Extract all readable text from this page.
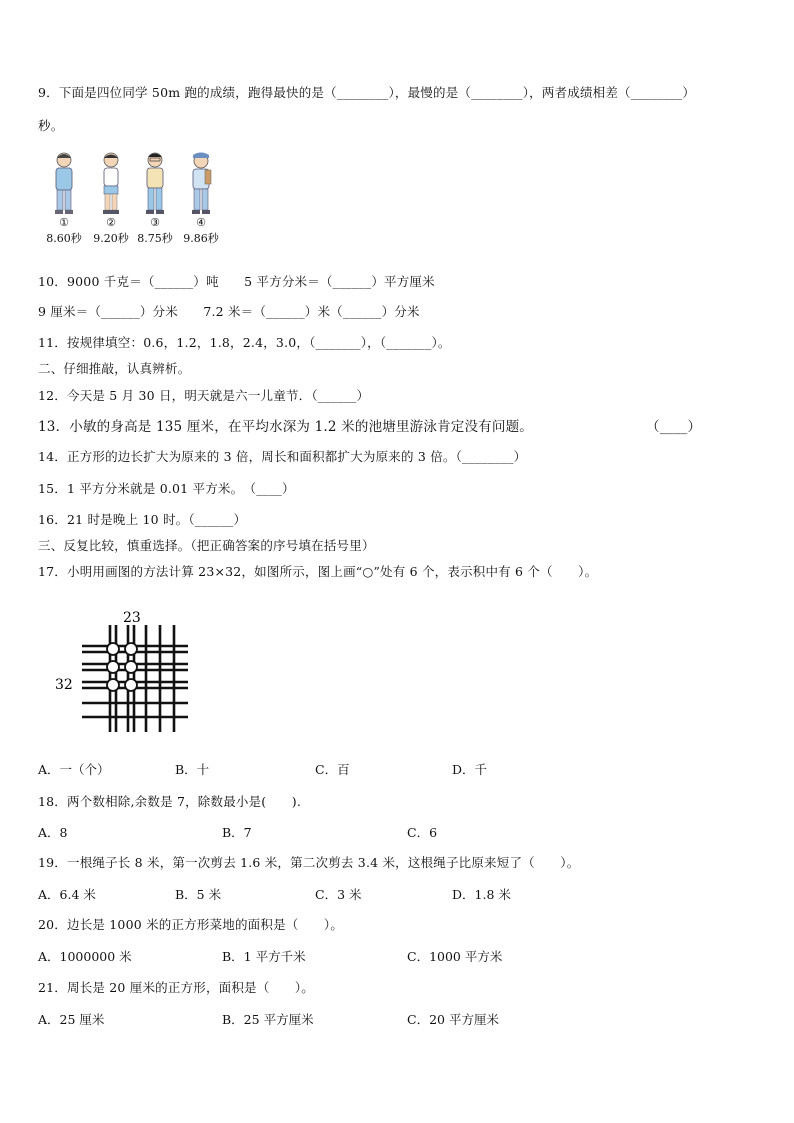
9．下面是四位同学 50m 跑的成绩，跑得最快的是（________），最慢的是（________），两者成绩相差（________）
秒。
①	②	③	④
8.60秒	9.20秒 8.75秒 9.86秒
10．9000 千克＝（______）吨　　5 平方分米＝（______）平方厘米
9 厘米＝（______）分米　　7.2 米＝（______）米（______）分米
11．按规律填空：0.6，1.2，1.8，2.4，3.0，（_______），（_______）。
二、仔细推敲，认真辨析。
12．今天是 5 月 30 日，明天就是六一儿童节．（______）
13．小敏的身高是 135 厘米，在平均水深为 1.2 米的池塘里游泳肯定没有问题。	（____）
14．正方形的边长扩大为原来的 3 倍，周长和面积都扩大为原来的 3 倍。（________）
15．1 平方分米就是 0.01 平方米。　（____）
16．21 时是晚上 10 时。（______）
三、反复比较，慎重选择。（把正确答案的序号填在括号里）
17．小明用画图的方法计算 23×32，如图所示，图上画“○”处有 6 个，表示积中有 6 个（　　）。
23
32
A．一（个）	B．十	C．百	D．千
18．两个数相除,余数是 7，除数最小是(　　).
A．8	B．7	C．6
19．一根绳子长 8 米，第一次剪去 1.6 米，第二次剪去 3.4 米，这根绳子比原来短了（　　）。
A．6.4 米	B．5 米	C．3 米	D．1.8 米
20．边长是 1000 米的正方形菜地的面积是（　　）。
A．1000000 米	B．1 平方千米	C．1000 平方米
21．周长是 20 厘米的正方形，面积是（　　）。
A．25 厘米	B．25 平方厘米	C．20 平方厘米
